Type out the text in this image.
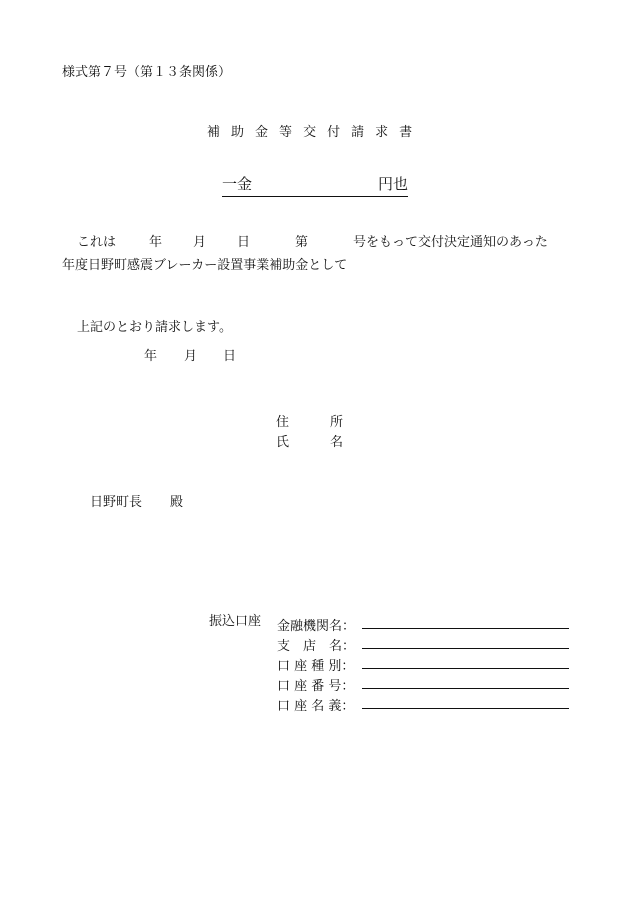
様式第７号（第１３条関係）
補 助 金 等 交 付 請 求 書
一金	円也
これは	年 月 日	第	号をもって交付決定通知のあった
年度日野町感震ブレーカー設置事業補助金として
上記のとおり請求します。
年 月 日
住	所
氏	名
日野町長 殿
振込口座 金融機関名：
支　店　名：
口 座 種 別：
口 座 番 号：
口 座 名 義：
